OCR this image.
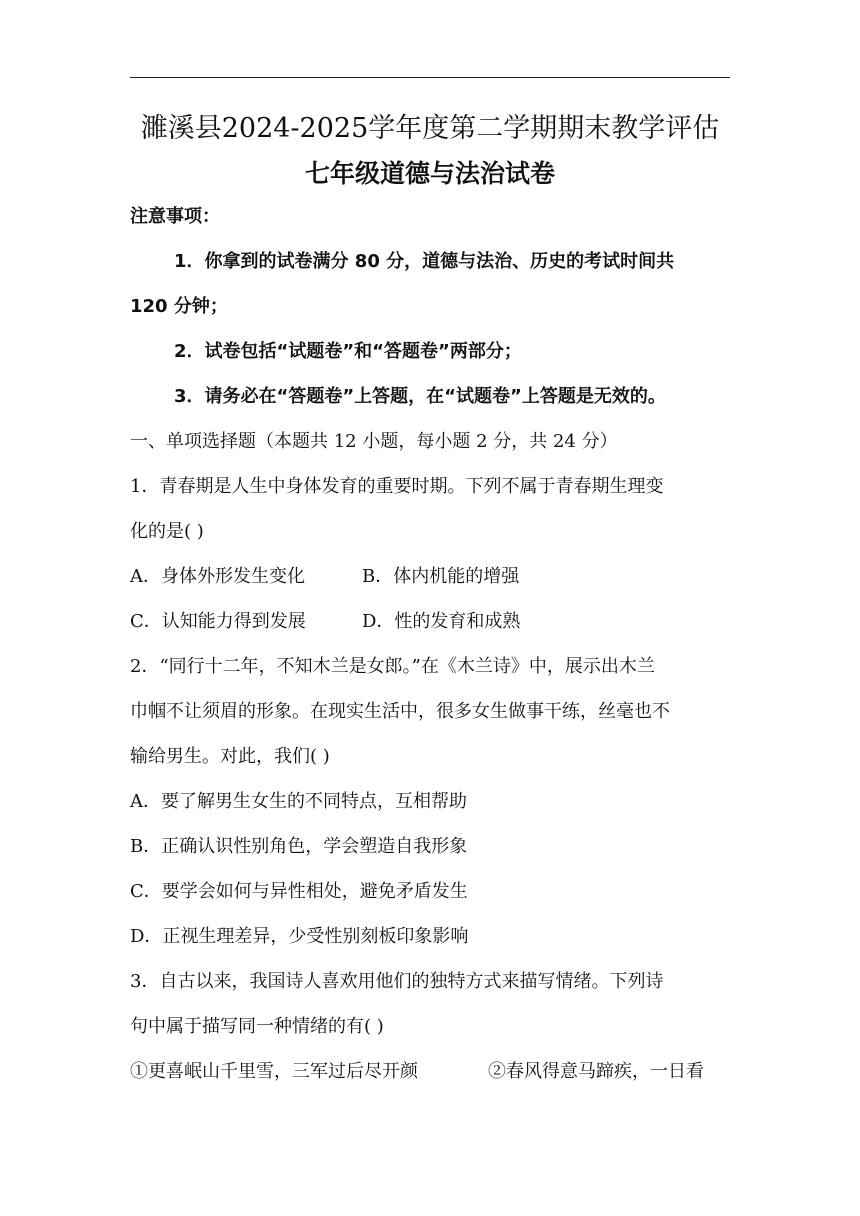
濉溪县2024-2025学年度第二学期期末教学评估
七年级道德与法治试卷
注意事项：
1．你拿到的试卷满分 80 分，道德与法治、历史的考试时间共
120 分钟；
2．试卷包括“试题卷”和“答题卷”两部分；
3．请务必在“答题卷”上答题，在“试题卷”上答题是无效的。
一、单项选择题（本题共 12 小题，每小题 2 分，共 24 分）
1．青春期是人生中身体发育的重要时期。下列不属于青春期生理变
化的是( )
A．身体外形发生变化	B．体内机能的增强
C．认知能力得到发展	D．性的发育和成熟
2．“同行十二年，不知木兰是女郎。”在《木兰诗》中，展示出木兰
巾帼不让须眉的形象。在现实生活中，很多女生做事干练，丝毫也不
输给男生。对此，我们( )
A．要了解男生女生的不同特点，互相帮助
B．正确认识性别角色，学会塑造自我形象
C．要学会如何与异性相处，避免矛盾发生
D．正视生理差异，少受性别刻板印象影响
3．自古以来，我国诗人喜欢用他们的独特方式来描写情绪。下列诗
句中属于描写同一种情绪的有( )
①更喜岷山千里雪，三军过后尽开颜	②春风得意马蹄疾，一日看
